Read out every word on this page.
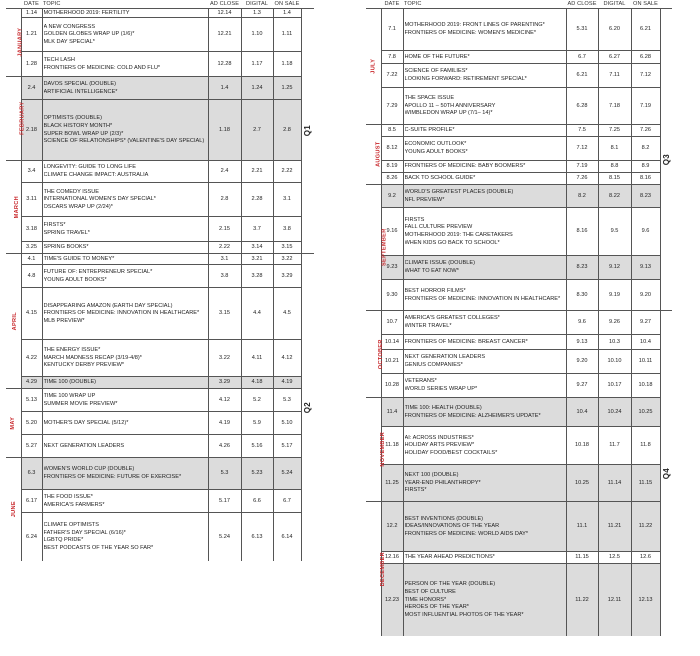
	DATE	TOPIC	AD CLOSE	DIGITAL	ON SALE	
JANUARY	1.14	MOTHERHOOD 2019: FERTILITY	12.14	1.3	1.4	Q1
	1.21	A NEW CONGRESS
GOLDEN GLOBES WRAP UP (1/6)*
MLK DAY SPECIAL*	12.21	1.10	1.11	
	1.28	TECH LASH
FRONTIERS OF MEDICINE: COLD AND FLU*	12.28	1.17	1.18	
FEBRUARY	2.4	DAVOS SPECIAL (DOUBLE)
ARTIFICIAL INTELLIGENCE*	1.4	1.24	1.25	
	2.18	OPTIMISTS (DOUBLE)
BLACK HISTORY MONTH*
SUPER BOWL WRAP UP (2/3)*
SCIENCE OF RELATIONSHIPS* (VALENTINE'S DAY SPECIAL)	1.18	2.7	2.8	
MARCH	3.4	LONGEVITY: GUIDE TO LONG LIFE
CLIMATE CHANGE IMPACT: AUSTRALIA	2.4	2.21	2.22	
	3.11	THE COMEDY ISSUE
INTERNATIONAL WOMEN'S DAY SPECIAL*
OSCARS WRAP UP (2/24)*	2.8	2.28	3.1	
	3.18	FIRSTS*
SPRING TRAVEL*	2.15	3.7	3.8	
	3.25	SPRING BOOKS*	2.22	3.14	3.15	
APRIL	4.1	TIME'S GUIDE TO MONEY*	3.1	3.21	3.22	Q2
	4.8	FUTURE OF: ENTREPRENEUR SPECIAL*
YOUNG ADULT BOOKS*	3.8	3.28	3.29	
	4.15	DISAPPEARING AMAZON (EARTH DAY SPECIAL)
FRONTIERS OF MEDICINE: INNOVATION IN HEALTHCARE*
MLB PREVIEW*	3.15	4.4	4.5	
	4.22	THE ENERGY ISSUE*
MARCH MADNESS RECAP (3/19-4/8)*
KENTUCKY DERBY PREVIEW*	3.22	4.11	4.12	
	4.29	TIME 100 (DOUBLE)	3.29	4.18	4.19	
MAY	5.13	TIME 100 WRAP UP
SUMMER MOVIE PREVIEW*	4.12	5.2	5.3	
	5.20	MOTHER'S DAY SPECIAL (5/12)*	4.19	5.9	5.10	
	5.27	NEXT GENERATION LEADERS	4.26	5.16	5.17	
JUNE	6.3	WOMEN'S WORLD CUP (DOUBLE)
FRONTIERS OF MEDICINE: FUTURE OF EXERCISE*	5.3	5.23	5.24	
	6.17	THE FOOD ISSUE*
AMERICA'S FARMERS*	5.17	6.6	6.7	
	6.24	CLIMATE OPTIMISTS
FATHER'S DAY SPECIAL (6/16)*
LGBTQ PRIDE*
BEST PODCASTS OF THE YEAR SO FAR*	5.24	6.13	6.14	
	DATE	TOPIC	AD CLOSE	DIGITAL	ON SALE	
JULY	7.1	MOTHERHOOD 2019: FRONT LINES OF PARENTING*
FRONTIERS OF MEDICINE: WOMEN'S MEDICINE*	5.31	6.20	6.21	Q3
	7.8	HOME OF THE FUTURE*	6.7	6.27	6.28	
	7.22	SCIENCE OF FAMILIES*
LOOKING FORWARD: RETIREMENT SPECIAL*	6.21	7.11	7.12	
	7.29	THE SPACE ISSUE
APOLLO 11 – 50TH ANNIVERSARY
WIMBLEDON WRAP UP (7/1– 14)*	6.28	7.18	7.19	
AUGUST	8.5	C-SUITE PROFILE*	7.5	7.25	7.26	
	8.12	ECONOMIC OUTLOOK*
YOUNG ADULT BOOKS*	7.12	8.1	8.2	
	8.19	FRONTIERS OF MEDICINE: BABY BOOMERS*	7.19	8.8	8.9	
	8.26	BACK TO SCHOOL GUIDE*	7.26	8.15	8.16	
SEPTEMBER	9.2	WORLD'S GREATEST PLACES (DOUBLE)
NFL PREVIEW*	8.2	8.22	8.23	
	9.16	FIRSTS
FALL CULTURE PREVIEW
MOTHERHOOD 2019: THE CARETAKERS
WHEN KIDS GO BACK TO SCHOOL*	8.16	9.5	9.6	
	9.23	CLIMATE ISSUE (DOUBLE)
WHAT TO EAT NOW*	8.23	9.12	9.13	
	9.30	BEST HORROR FILMS*
FRONTIERS OF MEDICINE: INNOVATION IN HEALTHCARE*	8.30	9.19	9.20	
OCTOBER	10.7	AMERICA'S GREATEST COLLEGES*
WINTER TRAVEL*	9.6	9.26	9.27	Q4
	10.14	FRONTIERS OF MEDICINE: BREAST CANCER*	9.13	10.3	10.4	
	10.21	NEXT GENERATION LEADERS
GENIUS COMPANIES*	9.20	10.10	10.11	
	10.28	VETERANS*
WORLD SERIES WRAP UP*	9.27	10.17	10.18	
NOVEMBER	11.4	TIME 100: HEALTH (DOUBLE)
FRONTIERS OF MEDICINE: ALZHEIMER'S UPDATE*	10.4	10.24	10.25	
	11.18	AI: ACROSS INDUSTRIES*
HOLIDAY ARTS PREVIEW*
HOLIDAY FOOD/BEST COCKTAILS*	10.18	11.7	11.8	
	11.25	NEXT 100 (DOUBLE)
YEAR-END PHILANTHROPY*
FIRSTS*	10.25	11.14	11.15	
DECEMBER	12.2	BEST INVENTIONS (DOUBLE)
IDEAS/INNOVATIONS OF THE YEAR
FRONTIERS OF MEDICINE: WORLD AIDS DAY*	11.1	11.21	11.22	
	12.16	THE YEAR AHEAD PREDICTIONS*	11.15	12.5	12.6	
	12.23	PERSON OF THE YEAR (DOUBLE)
BEST OF CULTURE
TIME HONORS*
HEROES OF THE YEAR*
MOST INFLUENTIAL PHOTOS OF THE YEAR*	11.22	12.11	12.13	
